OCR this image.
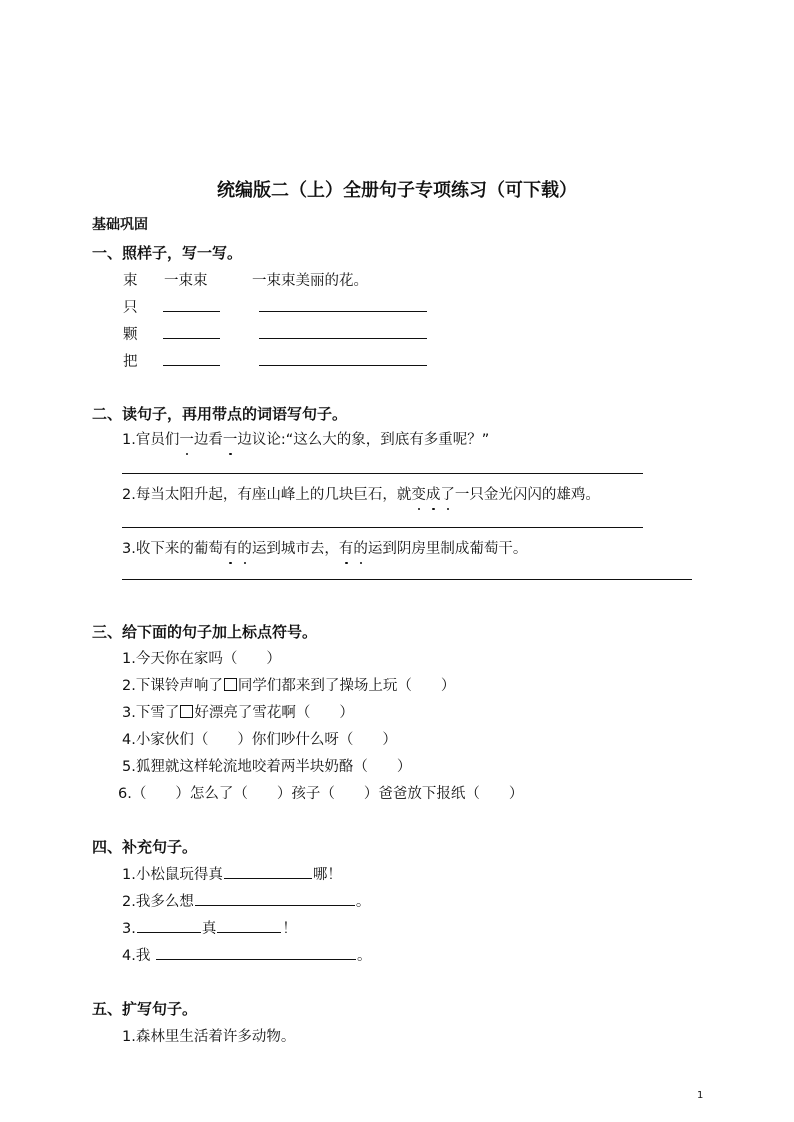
统编版二（上）全册句子专项练习（可下载）
基础巩固
一、照样子，写一写。
束 一束束	一束束美丽的花。
只
颗
把
二、读句子，再用带点的词语写句子。
1.官员们一边看一边议论:“这么大的象，到底有多重呢？”
2.每当太阳升起，有座山峰上的几块巨石，就变成了一只金光闪闪的雄鸡。
3.收下来的葡萄有的运到城市去，有的运到阴房里制成葡萄干。
三、给下面的句子加上标点符号。
1.今天你在家吗（　　）
2.下课铃声响了 同学们都来到了操场上玩（　　）
3.下雪了 好漂亮了雪花啊（　　）
4.小家伙们（　　）你们吵什么呀（　　）
5.狐狸就这样轮流地咬着两半块奶酪（　　）
6.（　　）怎么了（　　）孩子（　　）爸爸放下报纸（　　）
四、补充句子。
1.小松鼠玩得真	哪！
2.我多么想	。
3.	真	！
4.我	。
五、扩写句子。
1.森林里生活着许多动物。
1
